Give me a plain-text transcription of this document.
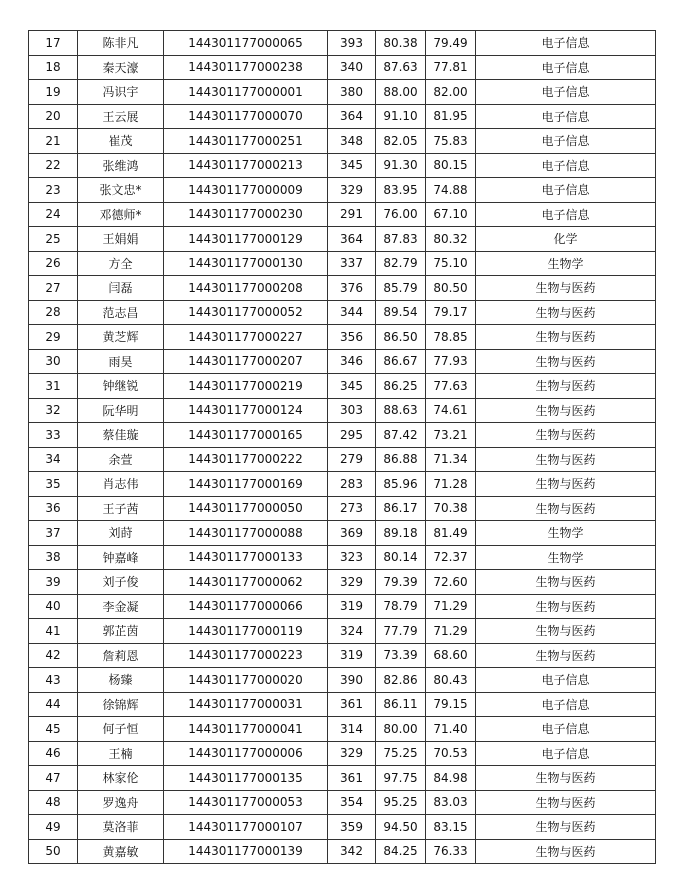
17	陈非凡	144301177000065	393	80.38	79.49	电子信息
18	秦天濠	144301177000238	340	87.63	77.81	电子信息
19	冯识宇	144301177000001	380	88.00	82.00	电子信息
20	王云展	144301177000070	364	91.10	81.95	电子信息
21	崔茂	144301177000251	348	82.05	75.83	电子信息
22	张维鸿	144301177000213	345	91.30	80.15	电子信息
23	张文忠*	144301177000009	329	83.95	74.88	电子信息
24	邓德师*	144301177000230	291	76.00	67.10	电子信息
25	王娟娟	144301177000129	364	87.83	80.32	化学
26	方全	144301177000130	337	82.79	75.10	生物学
27	闫磊	144301177000208	376	85.79	80.50	生物与医药
28	范志昌	144301177000052	344	89.54	79.17	生物与医药
29	黄芝辉	144301177000227	356	86.50	78.85	生物与医药
30	雨昊	144301177000207	346	86.67	77.93	生物与医药
31	钟继锐	144301177000219	345	86.25	77.63	生物与医药
32	阮华明	144301177000124	303	88.63	74.61	生物与医药
33	蔡佳璇	144301177000165	295	87.42	73.21	生物与医药
34	余萱	144301177000222	279	86.88	71.34	生物与医药
35	肖志伟	144301177000169	283	85.96	71.28	生物与医药
36	王子茜	144301177000050	273	86.17	70.38	生物与医药
37	刘莳	144301177000088	369	89.18	81.49	生物学
38	钟嘉峰	144301177000133	323	80.14	72.37	生物学
39	刘子俊	144301177000062	329	79.39	72.60	生物与医药
40	李金凝	144301177000066	319	78.79	71.29	生物与医药
41	郭芷茵	144301177000119	324	77.79	71.29	生物与医药
42	詹莉恩	144301177000223	319	73.39	68.60	生物与医药
43	杨臻	144301177000020	390	82.86	80.43	电子信息
44	徐锦辉	144301177000031	361	86.11	79.15	电子信息
45	何子恒	144301177000041	314	80.00	71.40	电子信息
46	王楠	144301177000006	329	75.25	70.53	电子信息
47	林家伦	144301177000135	361	97.75	84.98	生物与医药
48	罗逸舟	144301177000053	354	95.25	83.03	生物与医药
49	莫洛菲	144301177000107	359	94.50	83.15	生物与医药
50	黄嘉敏	144301177000139	342	84.25	76.33	生物与医药
